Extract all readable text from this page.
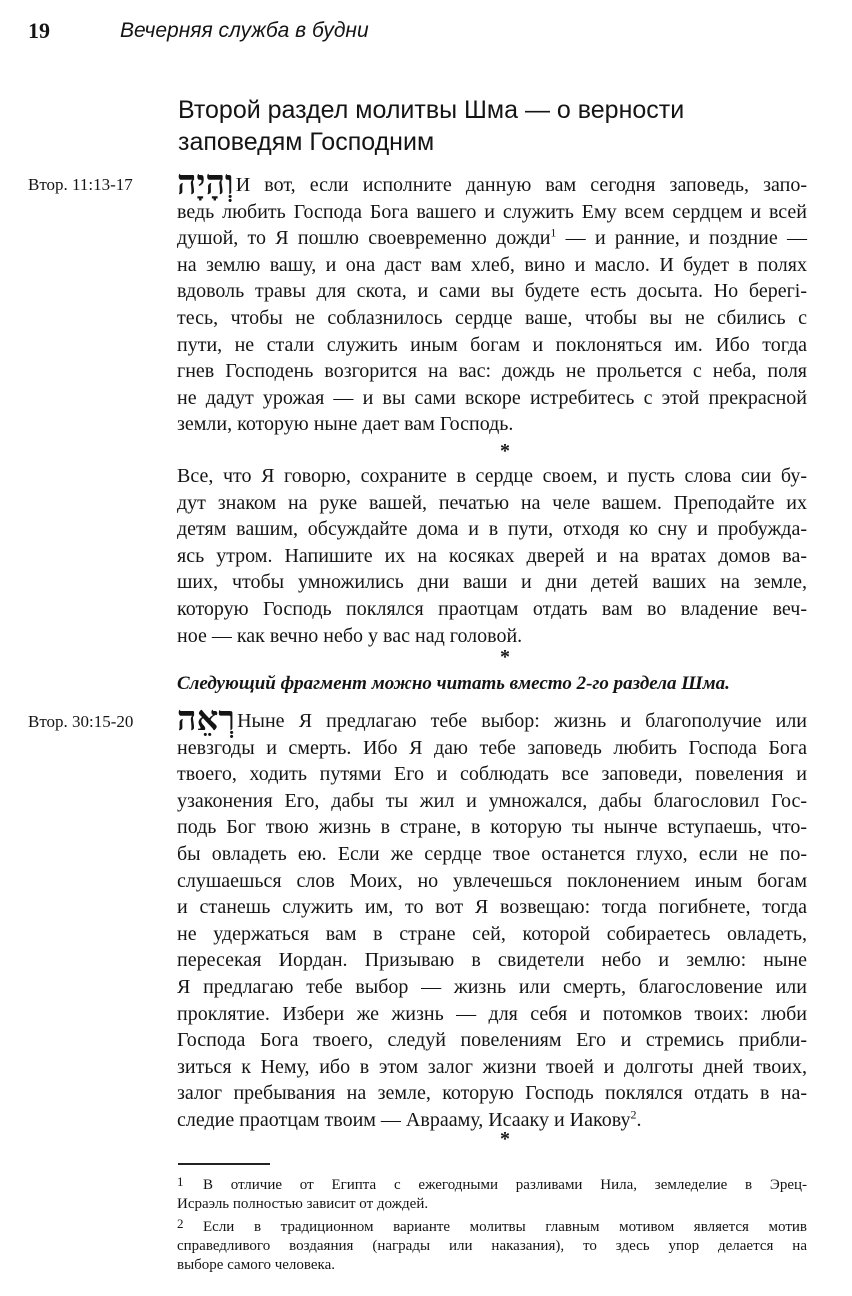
19	Вечерняя служба в будни
Второй раздел молитвы Шма — о верности
заповедям Господним
Втор. 11:13-17 וְהָיָה И вот, если исполните данную вам сегодня заповедь, запо-
ведь любить Господа Бога вашего и служить Ему всем сердцем и всей
душой, то Я пошлю своевременно дожди$^1$ — и ранние, и поздние —
на землю вашу, и она даст вам хлеб, вино и масло. И будет в полях
вдоволь травы для скота, и сами вы будете есть досыта. Но берегi-
тесь, чтобы не соблазнилось сердце ваше, чтобы вы не сбились с
пути, не стали служить иным богам и поклоняться им. Ибо тогда
гнев Господень возгорится на вас: дождь не прольется с неба, поля
не дадут урожая — и вы сами вскоре истребитесь с этой прекрасной
земли, которую ныне дает вам Господь.
*
Все, что Я говорю, сохраните в сердце своем, и пусть слова сии бу-
дут знаком на руке вашей, печатью на челе вашем. Преподайте их
детям вашим, обсуждайте дома и в пути, отходя ко сну и пробуждa-
ясь утром. Напишите их на косяках дверей и на вратах домов ва-
ших, чтобы умножились дни ваши и дни детей ваших на земле,
которую Господь поклялся праотцам отдать вам во владение веч-
ное — как вечно небо у вас над головой.
*
Следующий фрагмент можно читать вместо 2-го раздела Шма.
Втор. 30:15-20 רְאֵה Ныне Я предлагаю тебе выбор: жизнь и благополучие или
невзгоды и смерть. Ибо Я даю тебе заповедь любить Господа Бога
твоего, ходить путями Его и соблюдать все заповеди, повеления и
узаконения Его, дабы ты жил и умножался, дабы благословил Гос-
подь Бог твою жизнь в стране, в которую ты нынче вступаешь, что-
бы овладеть ею. Если же сердце твое останется глухо, если не по-
слушаешься слов Моих, но увлечешься поклонением иным богам
и станешь служить им, то вот Я возвещаю: тогда погибнете, тогда
не удержаться вам в стране сей, которой собираетесь овладеть,
пересекая Иордан. Призываю в свидетели небо и землю: ныне
Я предлагаю тебе выбор — жизнь или смерть, благословение или
проклятие. Избери же жизнь — для себя и потомков твоих: люби
Господа Бога твоего, следуй повелениям Его и стремись прибли-
зиться к Нему, ибо в этом залог жизни твоей и долготы дней твоих,
залог пребывания на земле, которую Господь поклялся отдать в на-
следие праотцам твоим — Аврааму, Исааку и Иакову$^2$.
*
1 В отличие от Египта с ежегодными разливами Нила, земледелие в Эрец-
Исраэль полностью зависит от дождей.
2 Если в традиционном варианте молитвы главным мотивом является мотив
справедливого воздаяния (награды или наказания), то здесь упор делается на
выборе самого человека.
